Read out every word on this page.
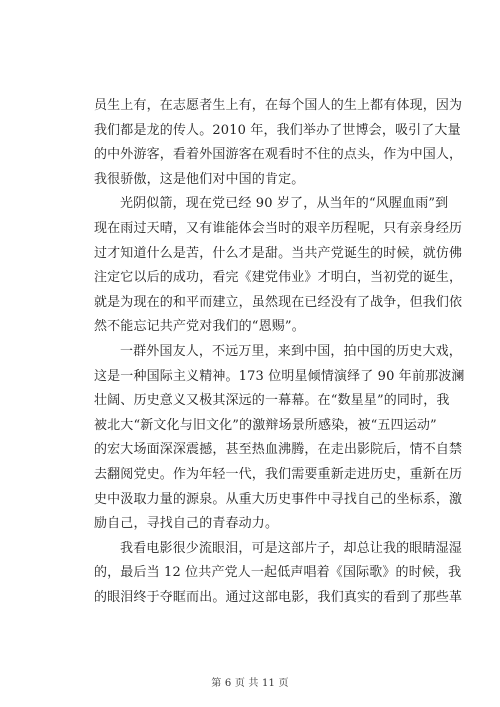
员生上有，在志愿者生上有，在每个国人的生上都有体现，因为
我们都是龙的传人。2010 年，我们举办了世博会，吸引了大量
的中外游客，看着外国游客在观看时不住的点头，作为中国人，
我很骄傲，这是他们对中国的肯定。

光阴似箭，现在党已经 90 岁了，从当年的“风腥血雨”到
现在雨过天晴，又有谁能体会当时的艰辛历程呢，只有亲身经历
过才知道什么是苦，什么才是甜。当共产党诞生的时候，就仿佛
注定它以后的成功，看完《建党伟业》才明白，当初党的诞生，
就是为现在的和平而建立，虽然现在已经没有了战争，但我们依
然不能忘记共产党对我们的“恩赐”。

一群外国友人，不远万里，来到中国，拍中国的历史大戏，
这是一种国际主义精神。173 位明星倾情演绎了 90 年前那波澜
壮阔、历史意义又极其深远的一幕幕。在“数星星”的同时，我
被北大“新文化与旧文化”的激辩场景所感染，被“五四运动”
的宏大场面深深震撼，甚至热血沸腾，在走出影院后，情不自禁
去翻阅党史。作为年轻一代，我们需要重新走进历史，重新在历
史中汲取力量的源泉。从重大历史事件中寻找自己的坐标系，激
励自己，寻找自己的青春动力。

我看电影很少流眼泪，可是这部片子，却总让我的眼睛湿湿
的，最后当 12 位共产党人一起低声唱着《国际歌》的时候，我
的眼泪终于夺眶而出。通过这部电影，我们真实的看到了那些革

第 6 页 共 11 页
